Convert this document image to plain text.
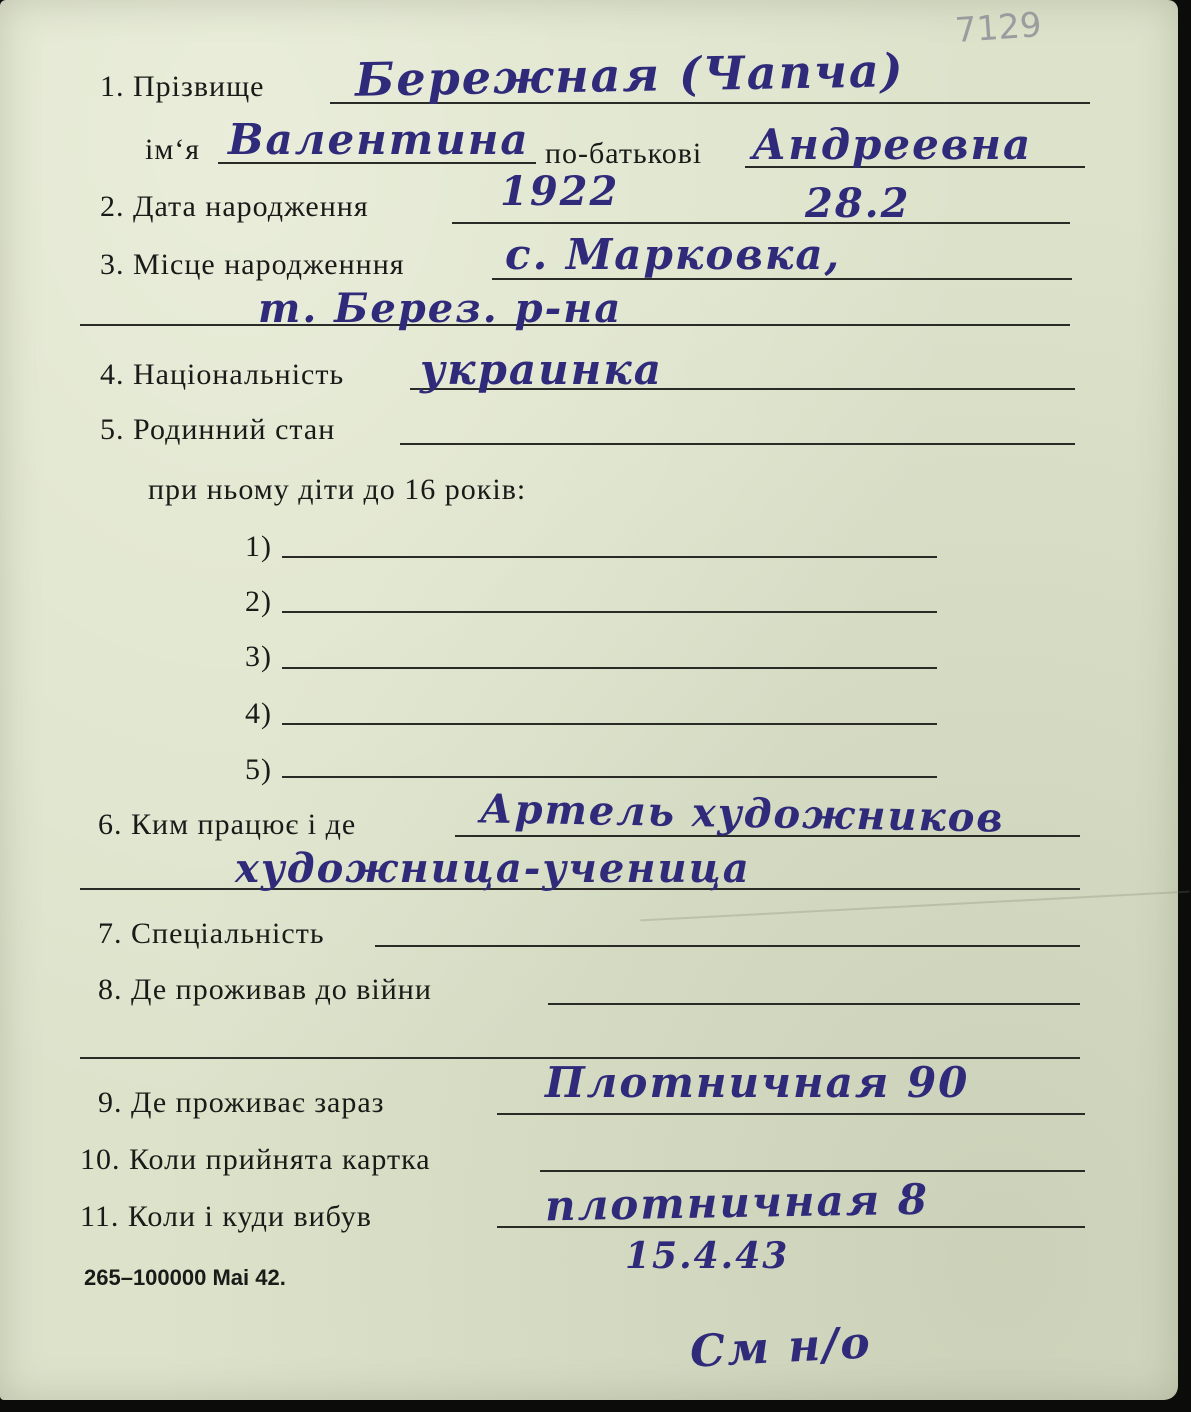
7129
1. Прізвище Бережная (Чапча)
ім‘я Валентина по-батькові Андреевна
2. Дата народження	1922	28.2
3. Місце народженння с. Марковка,
т. Берез. р-на
4. Національність украинка
5. Родинний стан
при ньому діти до 16 років:
1)
2)
3)
4)
5)
6. Ким працює і де	Артель художников
художница-ученица
7. Спеціальність
8. Де проживав до війни
9. Де проживає зараз	Плотничная 90
10. Коли прийнята картка
11. Коли і куди вибув	плотничная 8
15.4.43
265–100000 Mai 42.
См н/о
